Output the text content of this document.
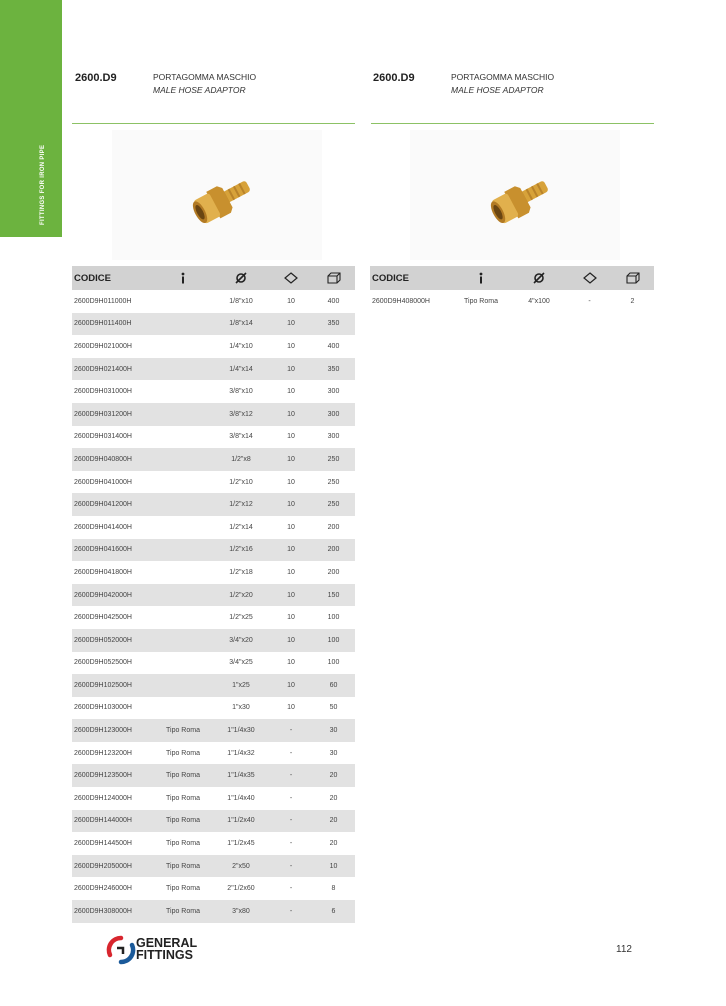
FITTINGS FOR IRON PIPE
2600.D9	PORTAGOMMA MASCHIO
MALE HOSE ADAPTOR
2600.D9	PORTAGOMMA MASCHIO
MALE HOSE ADAPTOR
CODICE				
2600D9H011000H		1/8"x10	10	400
2600D9H011400H		1/8"x14	10	350
2600D9H021000H		1/4"x10	10	400
2600D9H021400H		1/4"x14	10	350
2600D9H031000H		3/8"x10	10	300
2600D9H031200H		3/8"x12	10	300
2600D9H031400H		3/8"x14	10	300
2600D9H040800H		1/2"x8	10	250
2600D9H041000H		1/2"x10	10	250
2600D9H041200H		1/2"x12	10	250
2600D9H041400H		1/2"x14	10	200
2600D9H041600H		1/2"x16	10	200
2600D9H041800H		1/2"x18	10	200
2600D9H042000H		1/2"x20	10	150
2600D9H042500H		1/2"x25	10	100
2600D9H052000H		3/4"x20	10	100
2600D9H052500H		3/4"x25	10	100
2600D9H102500H		1"x25	10	60
2600D9H103000H		1"x30	10	50
2600D9H123000H	Tipo Roma	1"1/4x30	-	30
2600D9H123200H	Tipo Roma	1"1/4x32	-	30
2600D9H123500H	Tipo Roma	1"1/4x35	-	20
2600D9H124000H	Tipo Roma	1"1/4x40	-	20
2600D9H144000H	Tipo Roma	1"1/2x40	-	20
2600D9H144500H	Tipo Roma	1"1/2x45	-	20
2600D9H205000H	Tipo Roma	2"x50	-	10
2600D9H246000H	Tipo Roma	2"1/2x60	-	8
2600D9H308000H	Tipo Roma	3"x80	-	6
CODICE				
2600D9H408000H	Tipo Roma	4"x100	-	2
GENERAL
FITTINGS	112
